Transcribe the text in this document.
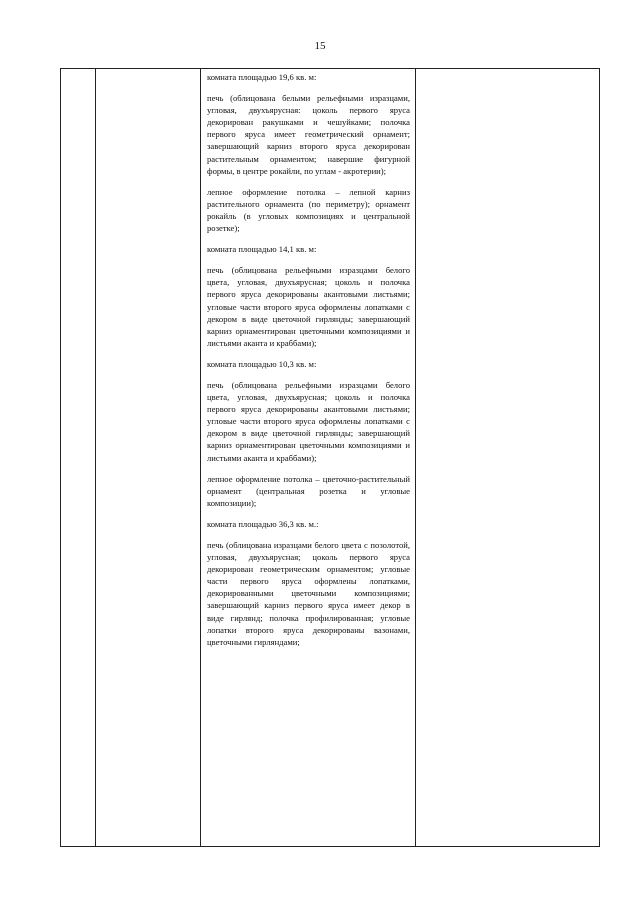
15

комната площадью 19,6 кв. м:

печь (облицована белыми рельефными изразцами, угловая, двухъярусная: цоколь первого яруса декорирован ракушками и чешуйками; полочка первого яруса имеет геометрический орнамент; завершающий карниз второго яруса декорирован растительным орнаментом; навершие фигурной формы, в центре рокайли, по углам - акротерии);

лепное оформление потолка – лепной карниз растительного орнамента (по периметру); орнамент рокайль (в угловых композициях и центральной розетке);

комната площадью 14,1 кв. м:

печь (облицована рельефными изразцами белого цвета, угловая, двухъярусная; цоколь и полочка первого яруса декорированы акантовыми листьями; угловые части второго яруса оформлены лопатками с декором в виде цветочной гирлянды; завершающий карниз орнаментирован цветочными композициями и листьями аканта и краббами);

комната площадью 10,3 кв. м:

печь (облицована рельефными изразцами белого цвета, угловая, двухъярусная; цоколь и полочка первого яруса декорированы акантовыми листьями; угловые части второго яруса оформлены лопатками с декором в виде цветочной гирлянды; завершающий карниз орнаментирован цветочными композициями и листьями аканта и краббами);

лепное оформление потолка – цветочно-растительный орнамент (центральная розетка и угловые композиции);

комната площадью 36,3 кв. м.:

печь (облицована изразцами белого цвета с позолотой, угловая, двухъярусная; цоколь первого яруса декорирован геометрическим орнаментом; угловые части первого яруса оформлены лопатками, декорированными цветочными композициями; завершающий карниз первого яруса имеет декор в виде гирлянд; полочка профилированная; угловые лопатки второго яруса декорированы вазонами, цветочными гирляндами;
